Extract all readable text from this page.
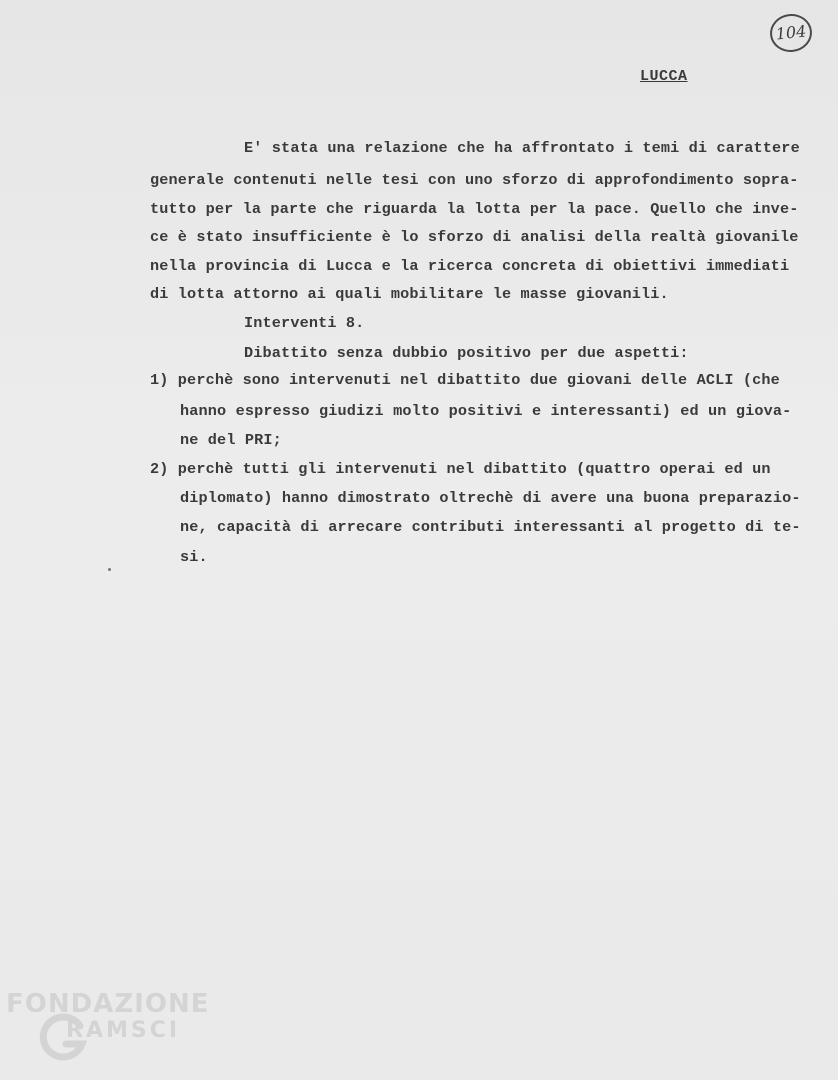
104
LUCCA
E' stata una relazione che ha affrontato i temi di carattere
generale contenuti nelle tesi con uno sforzo di approfondimento sopra-
tutto per la parte che riguarda la lotta per la pace. Quello che inve-
ce è stato insufficiente è lo sforzo di analisi della realtà giovanile
nella provincia di Lucca e la ricerca concreta di obiettivi immediati
di lotta attorno ai quali mobilitare le masse giovanili.
Interventi 8.
Dibattito senza dubbio positivo per due aspetti:
1) perchè sono intervenuti nel dibattito due giovani delle ACLI (che
hanno espresso giudizi molto positivi e interessanti) ed un giova-
ne del PRI;
2) perchè tutti gli intervenuti nel dibattito (quattro operai ed un
diplomato) hanno dimostrato oltrechè di avere una buona preparazio-
ne, capacità di arrecare contributi interessanti al progetto di te-
si.
FONDAZIONE
RAMSCI
